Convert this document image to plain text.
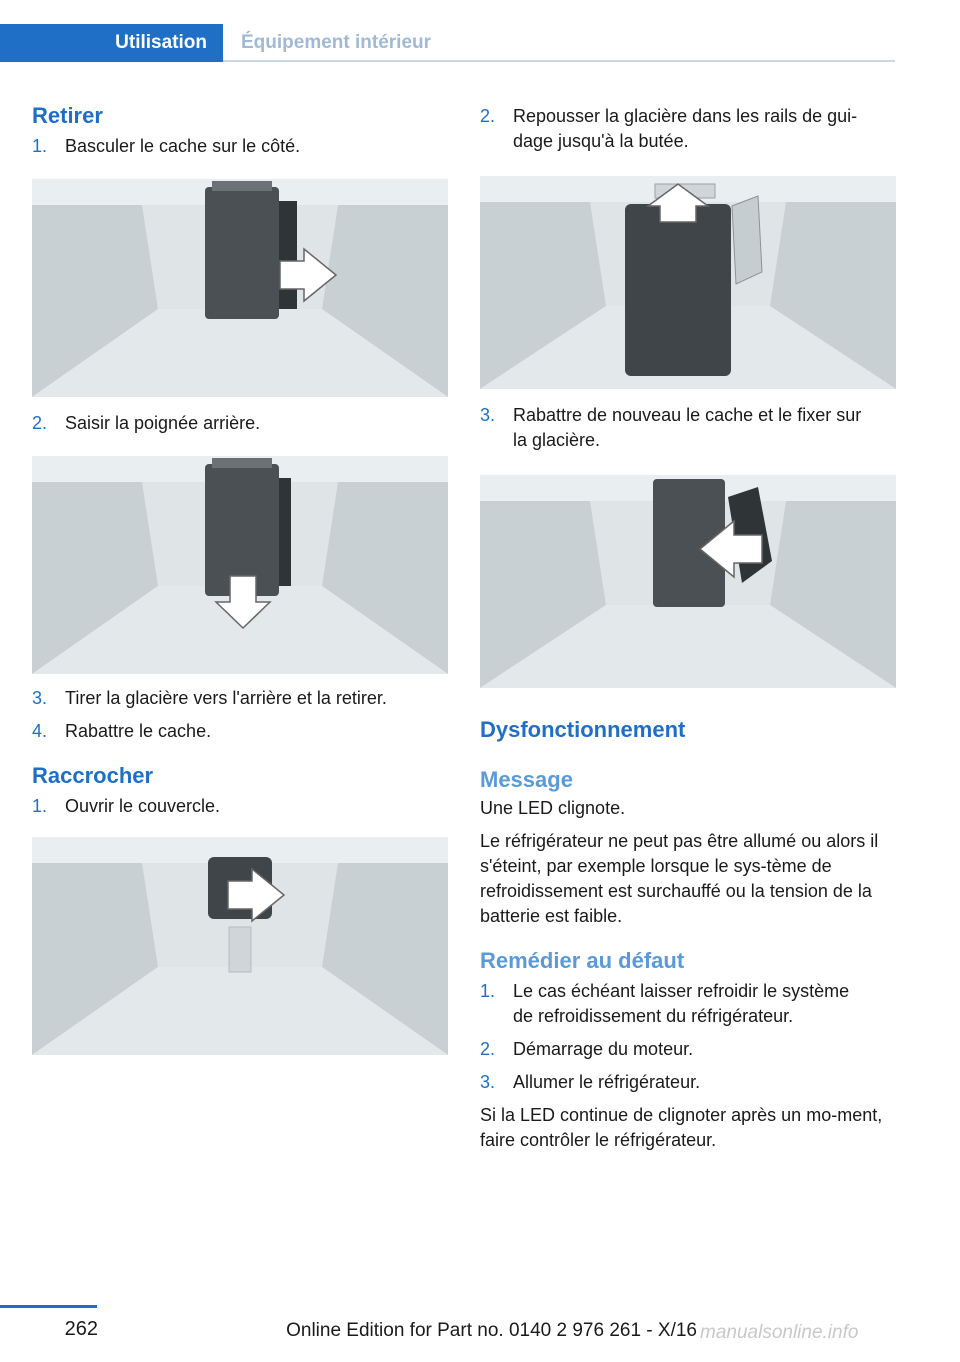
Utilisation Équipement intérieur
Retirer
1. Basculer le cache sur le côté.
2. Saisir la poignée arrière.
3. Tirer la glacière vers l'arrière et la retirer.
4. Rabattre le cache.
Raccrocher
1. Ouvrir le couvercle.
2. Repousser la glacière dans les rails de gui-
dage jusqu'à la butée.
3. Rabattre de nouveau le cache et le fixer sur
la glacière.
Dysfonctionnement
Message

Une LED clignote.

Le réfrigérateur ne peut pas être allumé ou alors il s'éteint, par exemple lorsque le sys-tème de refroidissement est surchauffé ou la tension de la batterie est faible.

Remédier au défaut
1. Le cas échéant laisser refroidir le système
de refroidissement du réfrigérateur.
2. Démarrage du moteur.
3. Allumer le réfrigérateur.

Si la LED continue de clignoter après un mo-ment, faire contrôler le réfrigérateur.

262	Online Edition for Part no. 0140 2 976 261 - X/16 manualsonline.info
